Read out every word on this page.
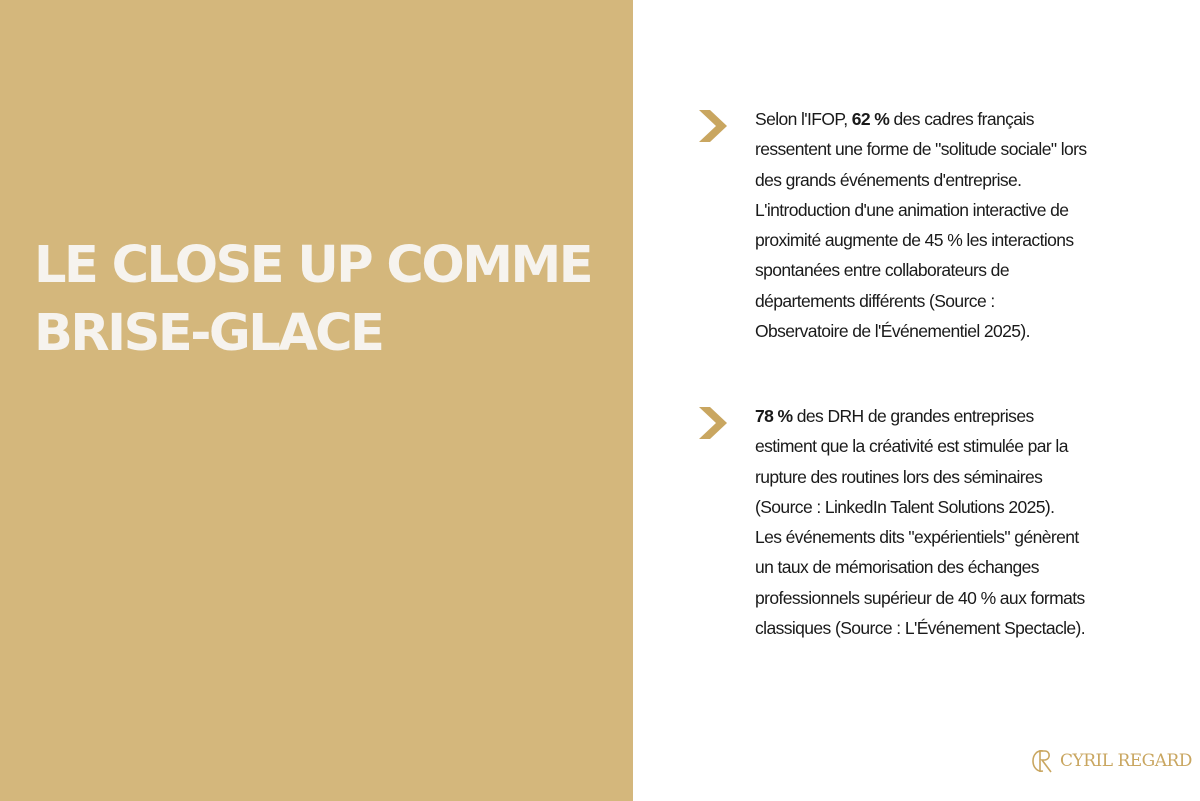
LE CLOSE UP COMME
BRISE-GLACE

Selon l'IFOP, 62 % des cadres français
ressentent une forme de "solitude sociale" lors
des grands événements d'entreprise.
L'introduction d'une animation interactive de
proximité augmente de 45 % les interactions
spontanées entre collaborateurs de
départements différents (Source :
Observatoire de l'Événementiel 2025).

78 % des DRH de grandes entreprises
estiment que la créativité est stimulée par la
rupture des routines lors des séminaires
(Source : LinkedIn Talent Solutions 2025).
Les événements dits "expérientiels" génèrent
un taux de mémorisation des échanges
professionnels supérieur de 40 % aux formats
classiques (Source : L'Événement Spectacle).

CYRIL REGARD
